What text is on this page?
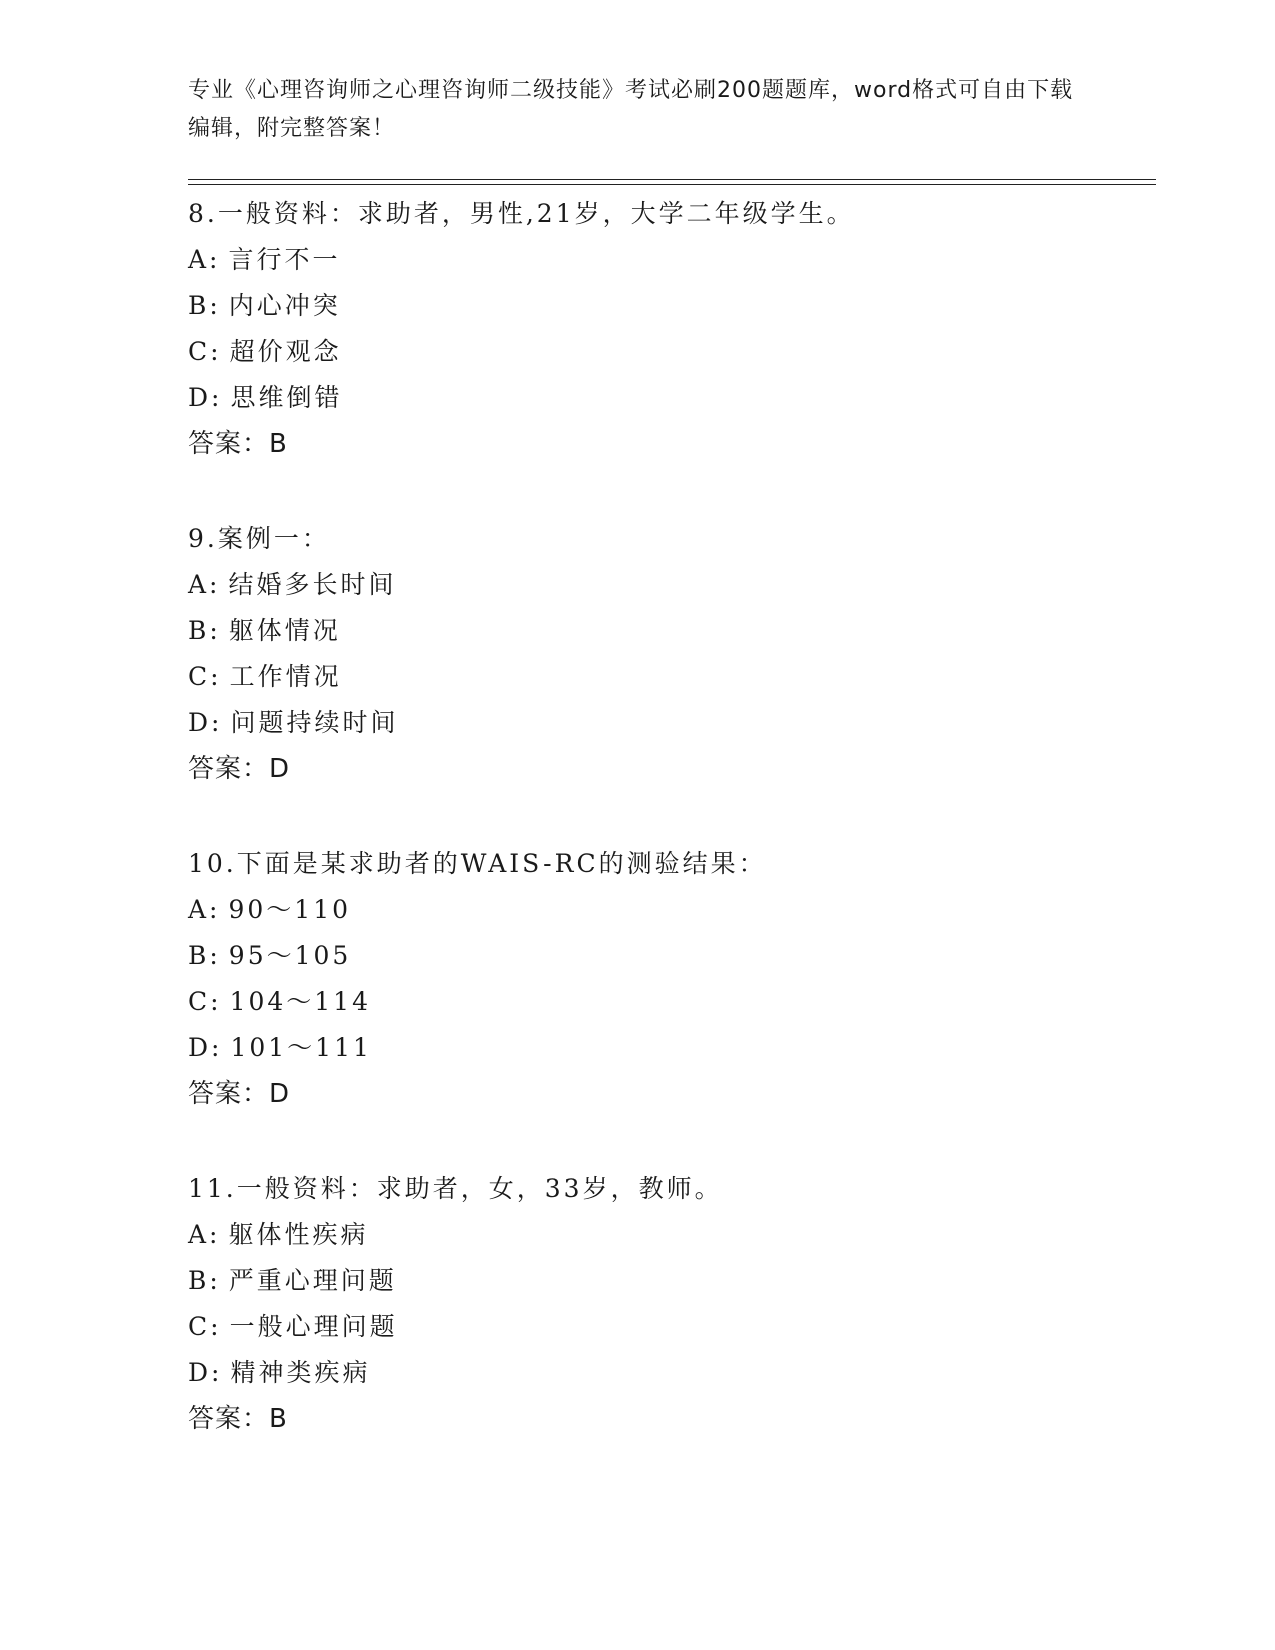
专业《心理咨询师之心理咨询师二级技能》考试必刷200题题库，word格式可自由下载编辑，附完整答案！
8.一般资料：求助者，男性,21岁，大学二年级学生。
A: 言行不一
B: 内心冲突
C: 超价观念
D: 思维倒错
答案：B
9.案例一：
A: 结婚多长时间
B: 躯体情况
C: 工作情况
D: 问题持续时间
答案：D
10.下面是某求助者的WAIS-RC的测验结果：
A: 90～110
B: 95～105
C: 104～114
D: 101～111
答案：D
11.一般资料：求助者，女，33岁，教师。
A: 躯体性疾病
B: 严重心理问题
C: 一般心理问题
D: 精神类疾病
答案：B
